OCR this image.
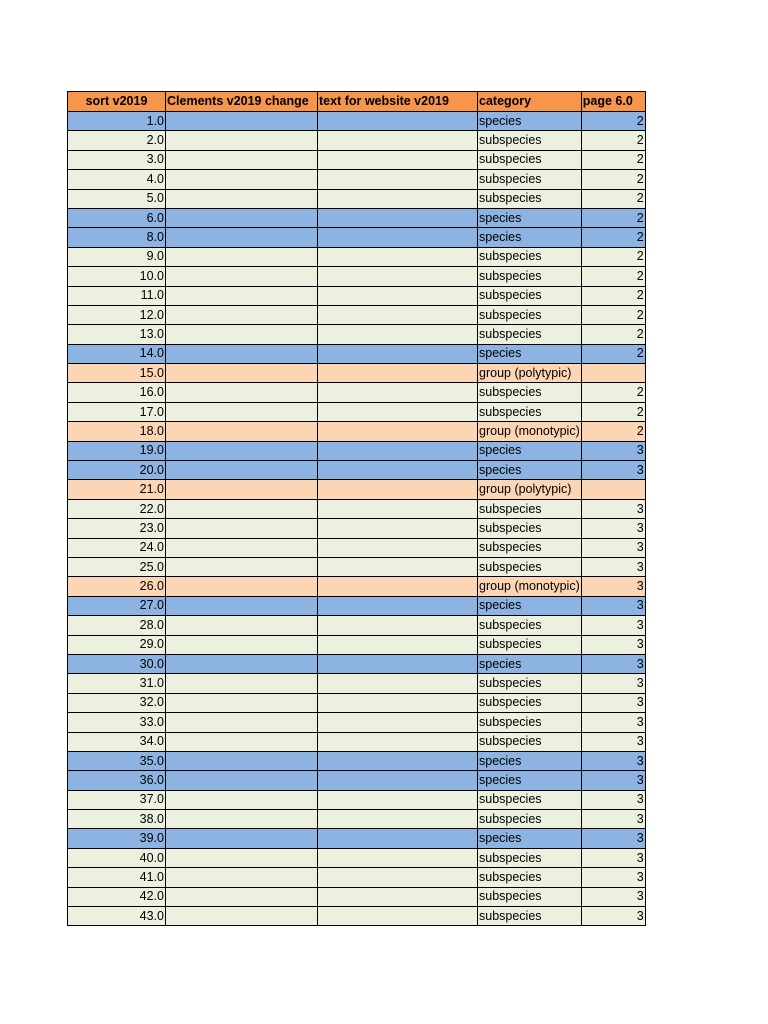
sort v2019	Clements v2019 change	text for website v2019	category	page 6.0
1.0			species	2
2.0			subspecies	2
3.0			subspecies	2
4.0			subspecies	2
5.0			subspecies	2
6.0			species	2
8.0			species	2
9.0			subspecies	2
10.0			subspecies	2
11.0			subspecies	2
12.0			subspecies	2
13.0			subspecies	2
14.0			species	2
15.0			group (polytypic)	
16.0			subspecies	2
17.0			subspecies	2
18.0			group (monotypic)	2
19.0			species	3
20.0			species	3
21.0			group (polytypic)	
22.0			subspecies	3
23.0			subspecies	3
24.0			subspecies	3
25.0			subspecies	3
26.0			group (monotypic)	3
27.0			species	3
28.0			subspecies	3
29.0			subspecies	3
30.0			species	3
31.0			subspecies	3
32.0			subspecies	3
33.0			subspecies	3
34.0			subspecies	3
35.0			species	3
36.0			species	3
37.0			subspecies	3
38.0			subspecies	3
39.0			species	3
40.0			subspecies	3
41.0			subspecies	3
42.0			subspecies	3
43.0			subspecies	3
